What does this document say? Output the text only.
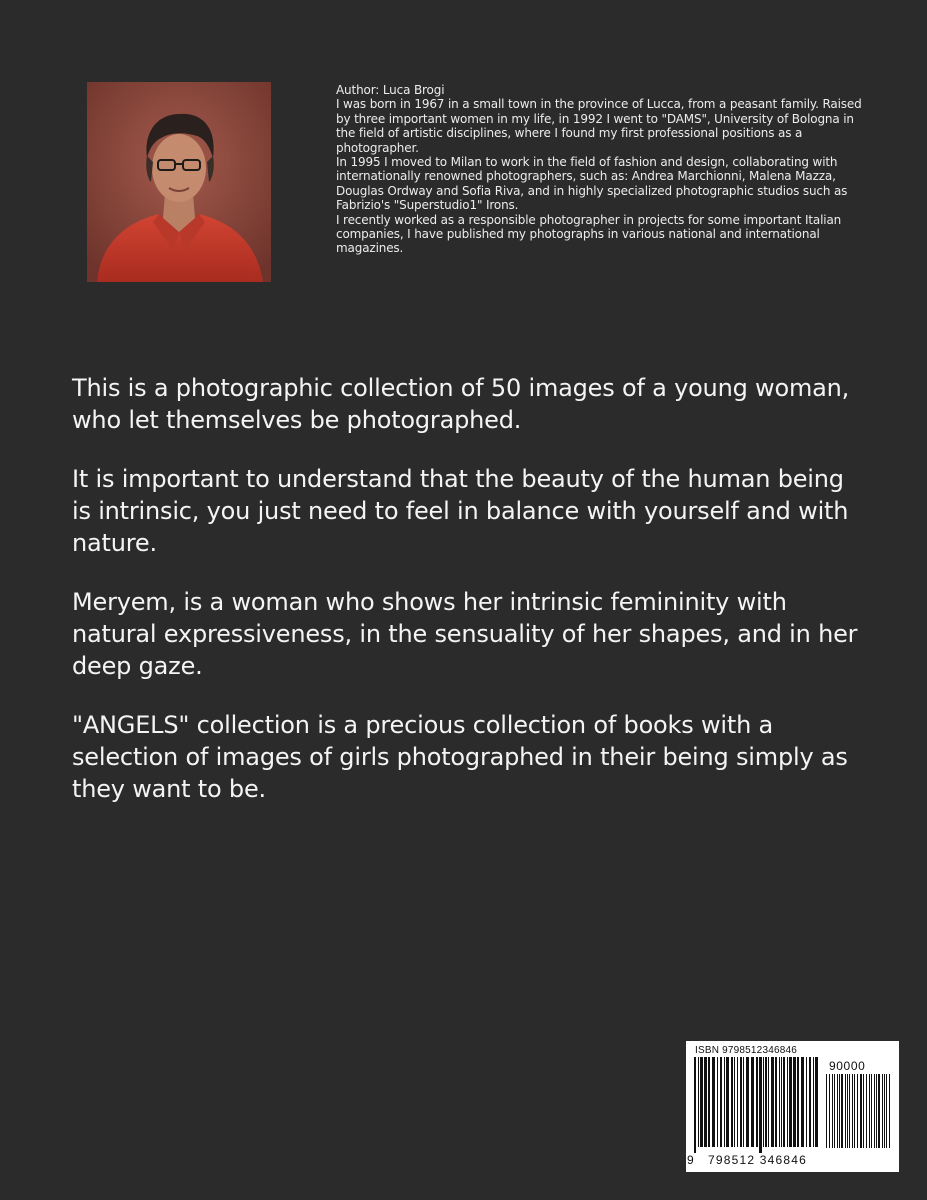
Author: Luca Brogi

I was born in 1967 in a small town in the province of Lucca, from a peasant family. Raised by three important women in my life, in 1992 I went to "DAMS", University of Bologna in the field of artistic disciplines, where I found my first professional positions as a photographer.

In 1995 I moved to Milan to work in the field of fashion and design, collaborating with internationally renowned photographers, such as: Andrea Marchionni, Malena Mazza, Douglas Ordway and Sofia Riva, and in highly specialized photographic studios such as Fabrizio's "Superstudio1" Irons.

I recently worked as a responsible photographer in projects for some important Italian companies, I have published my photographs in various national and international magazines.

This is a photographic collection of 50 images of a young woman, who let themselves be photographed.

It is important to understand that the beauty of the human being is intrinsic, you just need to feel in balance with yourself and with nature.

Meryem, is a woman who shows her intrinsic femininity with natural expressiveness, in the sensuality of her shapes, and in her deep gaze.

"ANGELS" collection is a precious collection of books with a selection of images of girls photographed in their being simply as they want to be.

ISBN 9798512346846
90000
9 798512 346846
